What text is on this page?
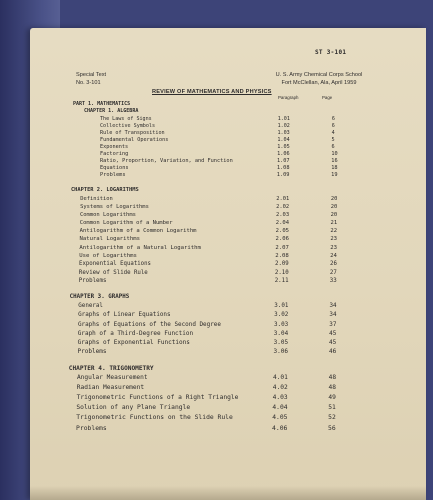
ST 3-101
Special Text
No. 3-101
U. S. Army Chemical Corps School
Fort McClellan, Ala, April 1959
REVIEW OF MATHEMATICS AND PHYSICS
Paragraph	Page
PART 1. MATHEMATICS
CHAPTER 1. ALGEBRA
The Laws of Signs	1.01	6
Collective Symbols	1.02	6
Rule of Transposition	1.03	4
Fundamental Operations	1.04	5
Exponents	1.05	6
Factoring	1.06	10
Ratio, Proportion, Variation, and Function	1.07	16
Equations	1.08	18
Problems	1.09	19
CHAPTER 2. LOGARITHMS
Definition	2.01	20
Systems of Logarithms	2.02	20
Common Logarithms	2.03	20
Common Logarithm of a Number	2.04	21
Antilogarithm of a Common Logarithm	2.05	22
Natural Logarithms	2.06	23
Antilogarithm of a Natural Logarithm	2.07	23
Use of Logarithms	2.08	24
Exponential Equations	2.09	26
Review of Slide Rule	2.10	27
Problems	2.11	33
CHAPTER 3. GRAPHS
General	3.01	34
Graphs of Linear Equations	3.02	34
Graphs of Equations of the Second Degree	3.03	37
Graph of a Third-Degree Function	3.04	45
Graphs of Exponential Functions	3.05	45
Problems	3.06	46
CHAPTER 4. TRIGONOMETRY
Angular Measurement	4.01	48
Radian Measurement	4.02	48
Trigonometric Functions of a Right Triangle	4.03	49
Solution of any Plane Triangle	4.04	51
Trigonometric Functions on the Slide Rule	4.05	52
Problems	4.06	56
